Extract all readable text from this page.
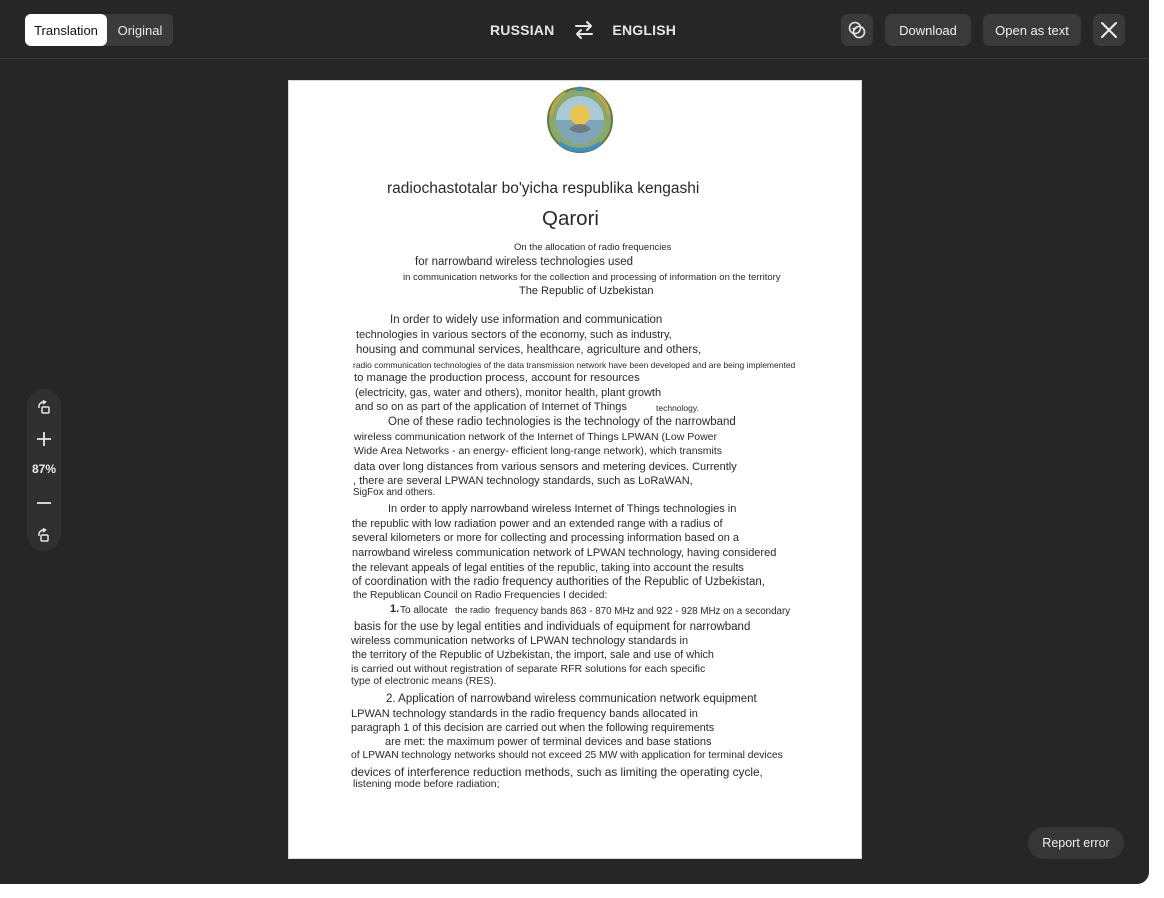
Translation	Original	RUSSIAN	ENGLISH	Download	Open as text
87%
radiochastotalar bo'yicha respublika kengashi
Qarori
On the allocation of radio frequencies
for narrowband wireless technologies used
in communication networks for the collection and processing of information on the territory
The Republic of Uzbekistan
In order to widely use information and communication
technologies in various sectors of the economy, such as industry,
housing and communal services, healthcare, agriculture and others,
radio communication technologies of the data transmission network have been developed and are being implemented
to manage the production process, account for resources
(electricity, gas, water and others), monitor health, plant growth
and so on as part of the application of Internet of Things	technology.
One of these radio technologies is the technology of the narrowband
wireless communication network of the Internet of Things LPWAN (Low Power
Wide Area Networks - an energy- efficient long-range network), which transmits
data over long distances from various sensors and metering devices. Currently
, there are several LPWAN technology standards, such as LoRaWAN,
SigFox and others.
In order to apply narrowband wireless Internet of Things technologies in
the republic with low radiation power and an extended range with a radius of
several kilometers or more for collecting and processing information based on a
narrowband wireless communication network of LPWAN technology, having considered
the relevant appeals of legal entities of the republic, taking into account the results
of coordination with the radio frequency authorities of the Republic of Uzbekistan,
the Republican Council on Radio Frequencies I decided:
1. To allocate the radio frequency bands 863 - 870 MHz and 922 - 928 MHz on a secondary
basis for the use by legal entities and individuals of equipment for narrowband
wireless communication networks of LPWAN technology standards in
the territory of the Republic of Uzbekistan, the import, sale and use of which
is carried out without registration of separate RFR solutions for each specific
type of electronic means (RES).
2. Application of narrowband wireless communication network equipment
LPWAN technology standards in the radio frequency bands allocated in
paragraph 1 of this decision are carried out when the following requirements
are met: the maximum power of terminal devices and base stations
of LPWAN technology networks should not exceed 25 MW with application for terminal devices
devices of interference reduction methods, such as limiting the operating cycle,
listening mode before radiation;
Report error
